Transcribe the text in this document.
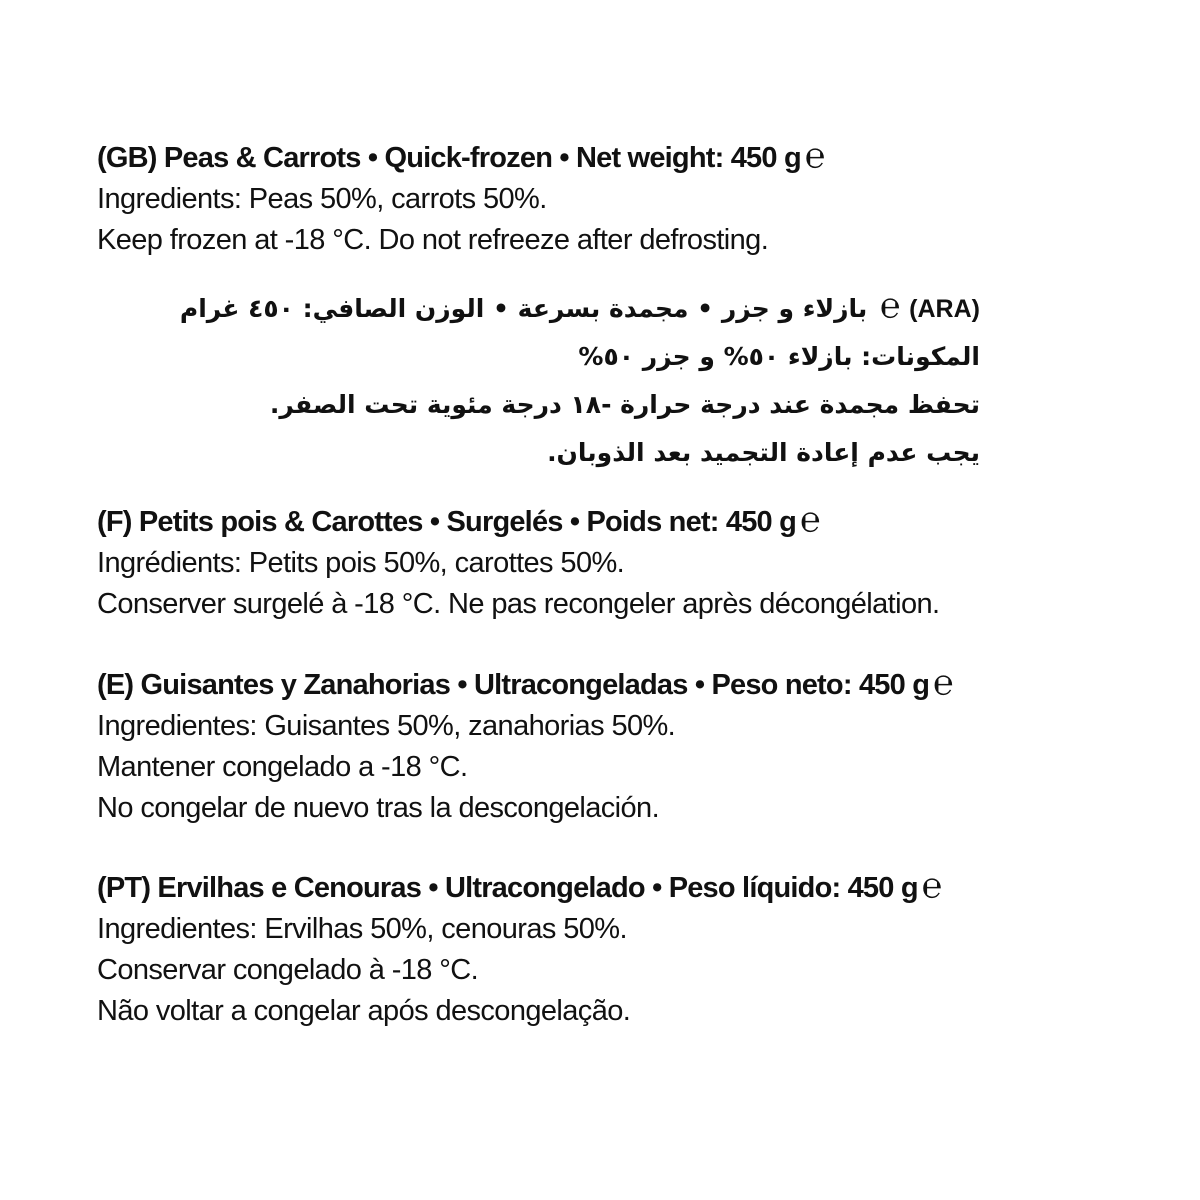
(GB) Peas & Carrots • Quick-frozen • Net weight: 450 g ℮
Ingredients: Peas 50%, carrots 50%.
Keep frozen at -18 °C. Do not refreeze after defrosting.
(ARA) ℮ بازلاء و جزر • مجمدة بسرعة • الوزن الصافي: ٤٥٠ غرام
المكونات: بازلاء ٥٠% و جزر ٥٠%
تحفظ مجمدة عند درجة حرارة -١٨ درجة مئوية تحت الصفر.
يجب عدم إعادة التجميد بعد الذوبان.
(F) Petits pois & Carottes • Surgelés • Poids net: 450 g ℮
Ingrédients: Petits pois 50%, carottes 50%.
Conserver surgelé à -18 °C. Ne pas recongeler après décongélation.
(E) Guisantes y Zanahorias • Ultracongeladas • Peso neto: 450 g ℮
Ingredientes: Guisantes 50%, zanahorias 50%.
Mantener congelado a -18 °C.
No congelar de nuevo tras la descongelación.
(PT) Ervilhas e Cenouras • Ultracongelado • Peso líquido: 450 g ℮
Ingredientes: Ervilhas 50%, cenouras 50%.
Conservar congelado à -18 °C.
Não voltar a congelar após descongelação.
